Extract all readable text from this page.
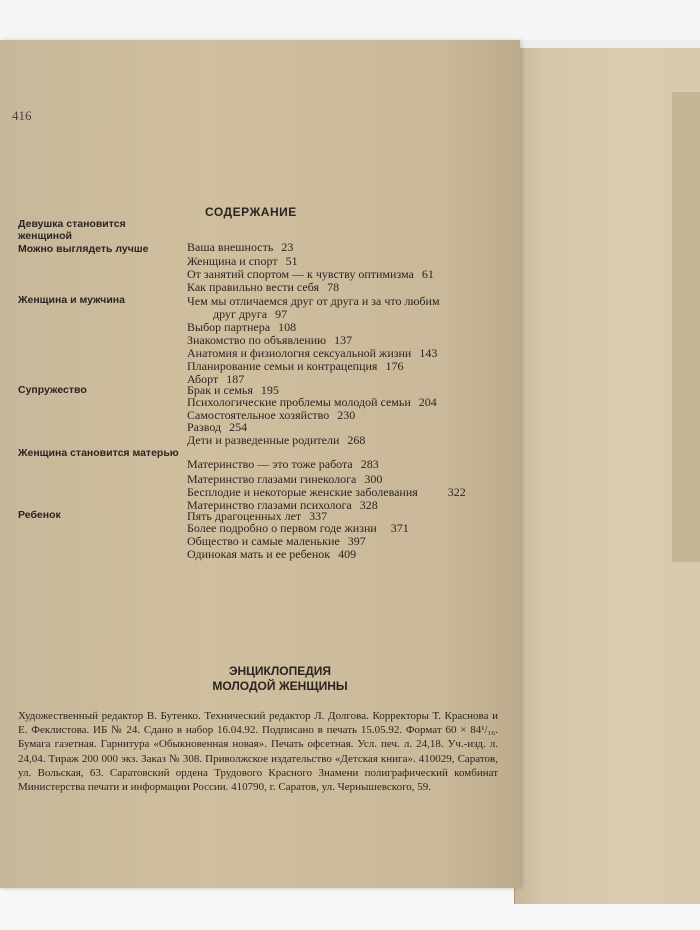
416
СОДЕРЖАНИЕ
Девушка становится женщиной
Можно выглядеть лучше
Женщина и мужчина
Супружество
Женщина становится матерью
Ребенок
Ваша внешность 23
Женщина и спорт 51
От занятий спортом — к чувству оптимизма 61
Как правильно вести себя 78
Чем мы отличаемся друг от друга и за что любим
друг друга 97
Выбор партнера 108
Знакомство по объявлению 137
Анатомия и физиология сексуальной жизни 143
Планирование семьи и контрацепция 176
Аборт 187
Брак и семья 195
Психологические проблемы молодой семьи 204
Самостоятельное хозяйство 230
Развод 254
Дети и разведенные родители 268
Материнство — это тоже работа 283
Материнство глазами гинеколога 300
Бесплодие и некоторые женские заболевания	322
Материнство глазами психолога 328
Пять драгоценных лет 337
Более подробно о первом годе жизни 371
Общество и самые маленькие 397
Одинокая мать и ее ребенок 409
ЭНЦИКЛОПЕДИЯ
МОЛОДОЙ ЖЕНЩИНЫ

Художественный редактор В. Бутенко. Технический редактор Л. Долгова. Корректоры Т. Краснова и Е. Феклистова. ИБ № 24. Сдано в набор 16.04.92. Подписано в печать 15.05.92. Формат 60 × 84¹/₁₆. Бумага газетная. Гарнитура «Обыкновенная новая». Печать офсетная. Усл. печ. л. 24,18. Уч.-изд. л. 24,04. Тираж 200 000 экз. Заказ № 308. Приволжское издательство «Детская книга». 410029, Саратов, ул. Вольская, 63. Саратовский ордена Трудового Красного Знамени полиграфический комбинат Министерства печати и информации России. 410790, г. Саратов, ул. Чернышевского, 59.
